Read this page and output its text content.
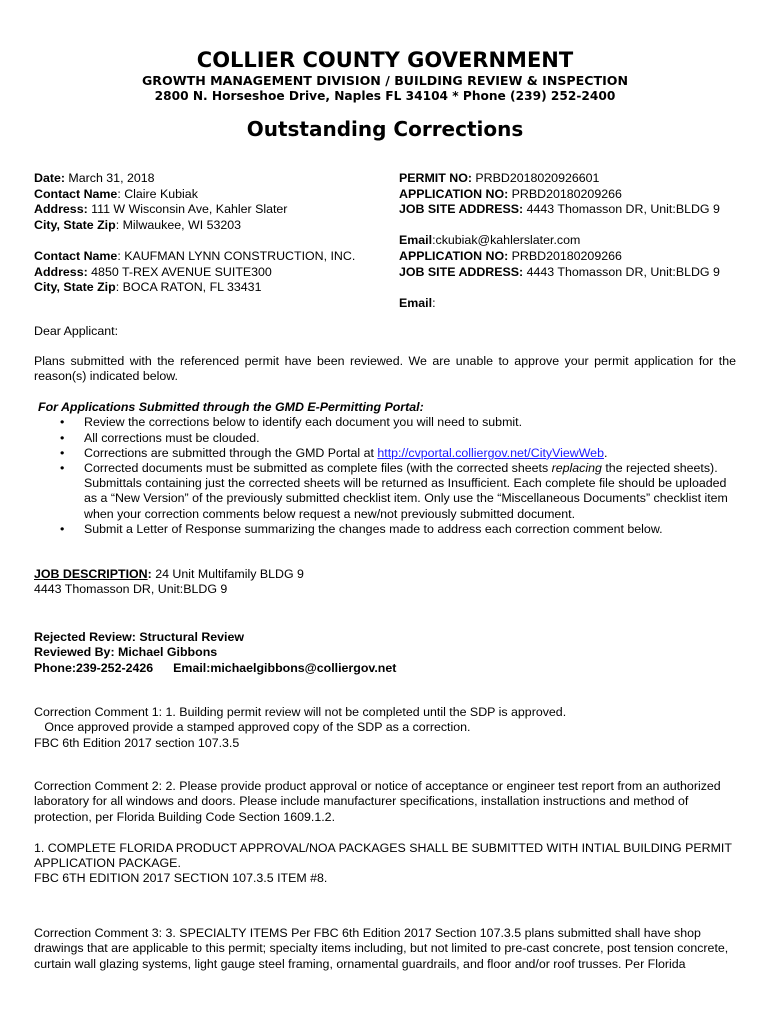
COLLIER COUNTY GOVERNMENT
GROWTH MANAGEMENT DIVISION / BUILDING REVIEW & INSPECTION
2800 N. Horseshoe Drive, Naples FL 34104 * Phone (239) 252-2400
Outstanding Corrections
Date: March 31, 2018
Contact Name: Claire Kubiak
Address: 111 W Wisconsin Ave, Kahler Slater
City, State Zip: Milwaukee, WI 53203
Contact Name: KAUFMAN LYNN CONSTRUCTION, INC.
Address: 4850 T-REX AVENUE SUITE300
City, State Zip: BOCA RATON, FL 33431
PERMIT NO: PRBD2018020926601
APPLICATION NO: PRBD20180209266
JOB SITE ADDRESS: 4443 Thomasson DR, Unit:BLDG 9
Email:ckubiak@kahlerslater.com
APPLICATION NO: PRBD20180209266
JOB SITE ADDRESS: 4443 Thomasson DR, Unit:BLDG 9
Email:
Dear Applicant:
Plans submitted with the referenced permit have been reviewed. We are unable to approve your permit application for the reason(s) indicated below.
For Applications Submitted through the GMD E-Permitting Portal:
• Review the corrections below to identify each document you will need to submit.
• All corrections must be clouded.
• Corrections are submitted through the GMD Portal at http://cvportal.colliergov.net/CityViewWeb.
• Corrected documents must be submitted as complete files (with the corrected sheets replacing the rejected sheets). Submittals containing just the corrected sheets will be returned as Insufficient. Each complete file should be uploaded as a “New Version” of the previously submitted checklist item. Only use the “Miscellaneous Documents” checklist item when your correction comments below request a new/not previously submitted document.
• Submit a Letter of Response summarizing the changes made to address each correction comment below.
JOB DESCRIPTION: 24 Unit Multifamily BLDG 9
4443 Thomasson DR, Unit:BLDG 9
Rejected Review: Structural Review
Reviewed By: Michael Gibbons
Phone:239-252-2426 Email:michaelgibbons@colliergov.net
Correction Comment 1: 1. Building permit review will not be completed until the SDP is approved.
Once approved provide a stamped approved copy of the SDP as a correction.
FBC 6th Edition 2017 section 107.3.5
Correction Comment 2: 2. Please provide product approval or notice of acceptance or engineer test report from an authorized laboratory for all windows and doors. Please include manufacturer specifications, installation instructions and method of protection, per Florida Building Code Section 1609.1.2.
1. COMPLETE FLORIDA PRODUCT APPROVAL/NOA PACKAGES SHALL BE SUBMITTED WITH INTIAL BUILDING PERMIT APPLICATION PACKAGE.
FBC 6TH EDITION 2017 SECTION 107.3.5 ITEM #8.
Correction Comment 3: 3. SPECIALTY ITEMS Per FBC 6th Edition 2017 Section 107.3.5 plans submitted shall have shop drawings that are applicable to this permit; specialty items including, but not limited to pre-cast concrete, post tension concrete, curtain wall glazing systems, light gauge steel framing, ornamental guardrails, and floor and/or roof trusses. Per Florida
